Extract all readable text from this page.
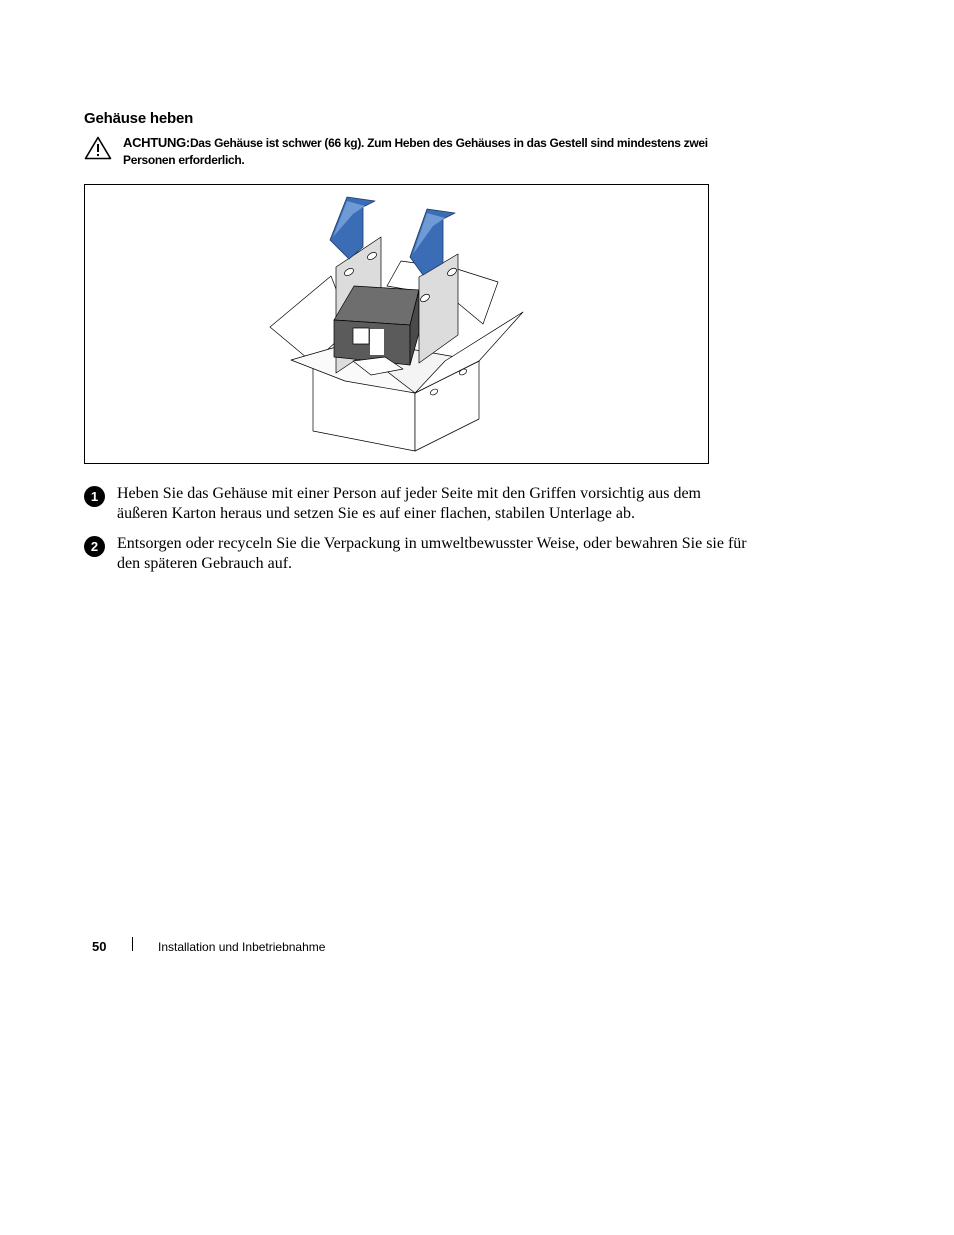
Gehäuse heben
ACHTUNG:Das Gehäuse ist schwer (66 kg). Zum Heben des Gehäuses in das Gestell sind mindestens zwei Personen erforderlich.
1	Heben Sie das Gehäuse mit einer Person auf jeder Seite mit den Griffen vorsichtig aus dem äußeren Karton heraus und setzen Sie es auf einer flachen, stabilen Unterlage ab.
2	Entsorgen oder recyceln Sie die Verpackung in umweltbewusster Weise, oder bewahren Sie sie für den späteren Gebrauch auf.
50	Installation und Inbetriebnahme
